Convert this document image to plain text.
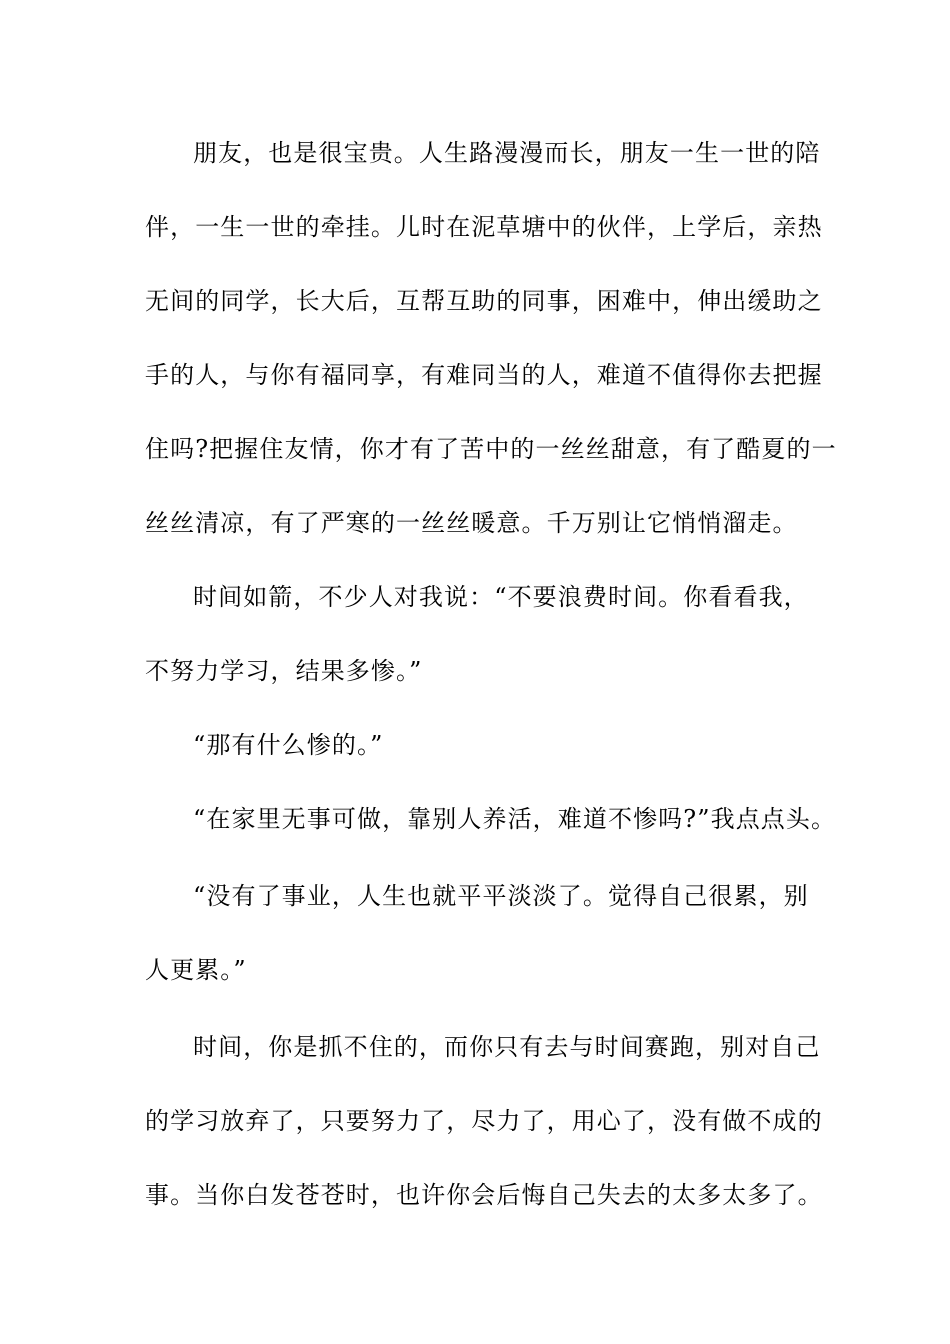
朋友，也是很宝贵。人生路漫漫而长，朋友一生一世的陪
伴，一生一世的牵挂。儿时在泥草塘中的伙伴，上学后，亲热
无间的同学，长大后，互帮互助的同事，困难中，伸出缓助之
手的人，与你有福同享，有难同当的人，难道不值得你去把握
住吗?把握住友情，你才有了苦中的一丝丝甜意，有了酷夏的一
丝丝清凉，有了严寒的一丝丝暖意。千万别让它悄悄溜走。
时间如箭，不少人对我说：“不要浪费时间。你看看我，
不努力学习，结果多惨。”
“那有什么惨的。”
“在家里无事可做，靠别人养活，难道不惨吗?”我点点头。
“没有了事业，人生也就平平淡淡了。觉得自己很累，别
人更累。”
时间，你是抓不住的，而你只有去与时间赛跑，别对自己
的学习放弃了，只要努力了，尽力了，用心了，没有做不成的
事。当你白发苍苍时，也许你会后悔自己失去的太多太多了。
